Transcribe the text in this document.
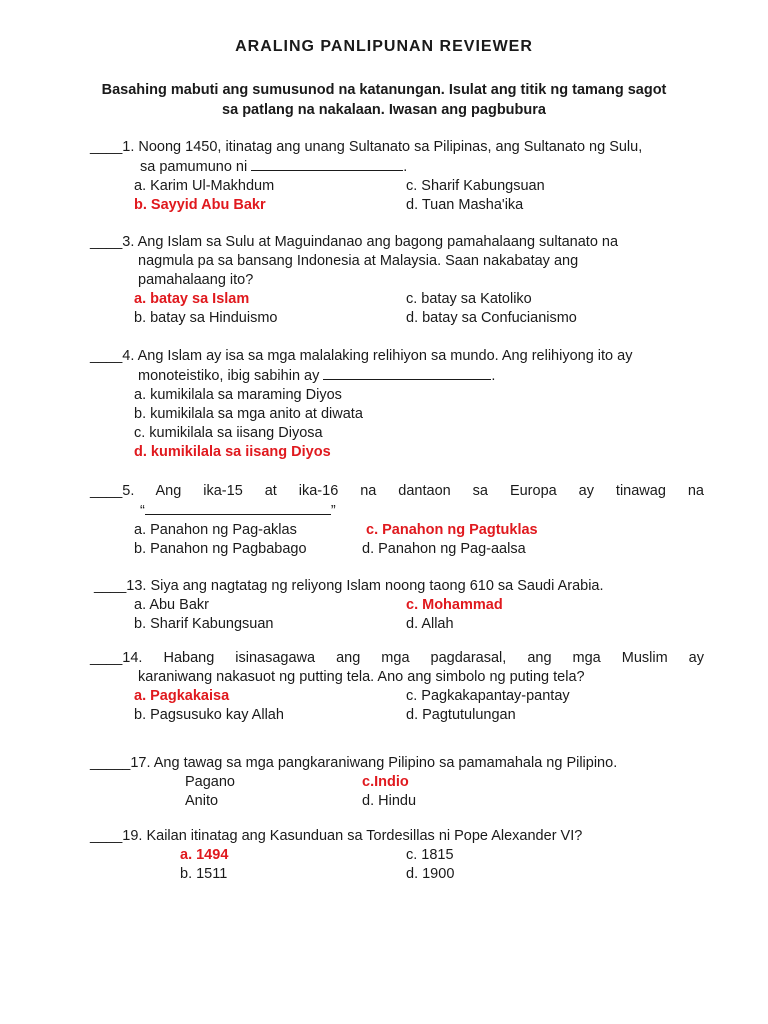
ARALING PANLIPUNAN REVIEWER
Basahing mabuti ang sumusunod na katanungan. Isulat ang titik ng tamang sagot
sa patlang na nakalaan. Iwasan ang pagbubura
____1. Noong 1450, itinatag ang unang Sultanato sa Pilipinas, ang Sultanato ng Sulu,
sa pamumuno ni	.
a. Karim Ul-Makhdum
b. Sayyid Abu Bakr
c. Sharif Kabungsuan
d. Tuan Masha'ika
____3. Ang Islam sa Sulu at Maguindanao ang bagong pamahalaang sultanato na
nagmula pa sa bansang Indonesia at Malaysia. Saan nakabatay ang
pamahalaang ito?
a. batay sa Islam
b. batay sa Hinduismo
c. batay sa Katoliko
d. batay sa Confucianismo
____4. Ang Islam ay isa sa mga malalaking relihiyon sa mundo. Ang relihiyong ito ay
monoteistiko, ibig sabihin ay	.
a. kumikilala sa maraming Diyos
b. kumikilala sa mga anito at diwata
c. kumikilala sa iisang Diyosa
d. kumikilala sa iisang Diyos
____5. Ang ika-15 at ika-16 na dantaon sa Europa ay tinawag na
“	”
a. Panahon ng Pag-aklas
b. Panahon ng Pagbabago
c. Panahon ng Pagtuklas
d. Panahon ng Pag-aalsa
____13. Siya ang nagtatag ng reliyong Islam noong taong 610 sa Saudi Arabia.
a. Abu Bakr
b. Sharif Kabungsuan
c. Mohammad
d. Allah
____14. Habang isinasagawa ang mga pagdarasal, ang mga Muslim ay
karaniwang nakasuot ng putting tela. Ano ang simbolo ng puting tela?
a. Pagkakaisa
b. Pagsusuko kay Allah
c. Pagkakapantay-pantay
d. Pagtutulungan
_____17. Ang tawag sa mga pangkaraniwang Pilipino sa pamamahala ng Pilipino.
Pagano
Anito
c.Indio
d. Hindu
____19. Kailan itinatag ang Kasunduan sa Tordesillas ni Pope Alexander VI?
a. 1494
b. 1511
c. 1815
d. 1900
